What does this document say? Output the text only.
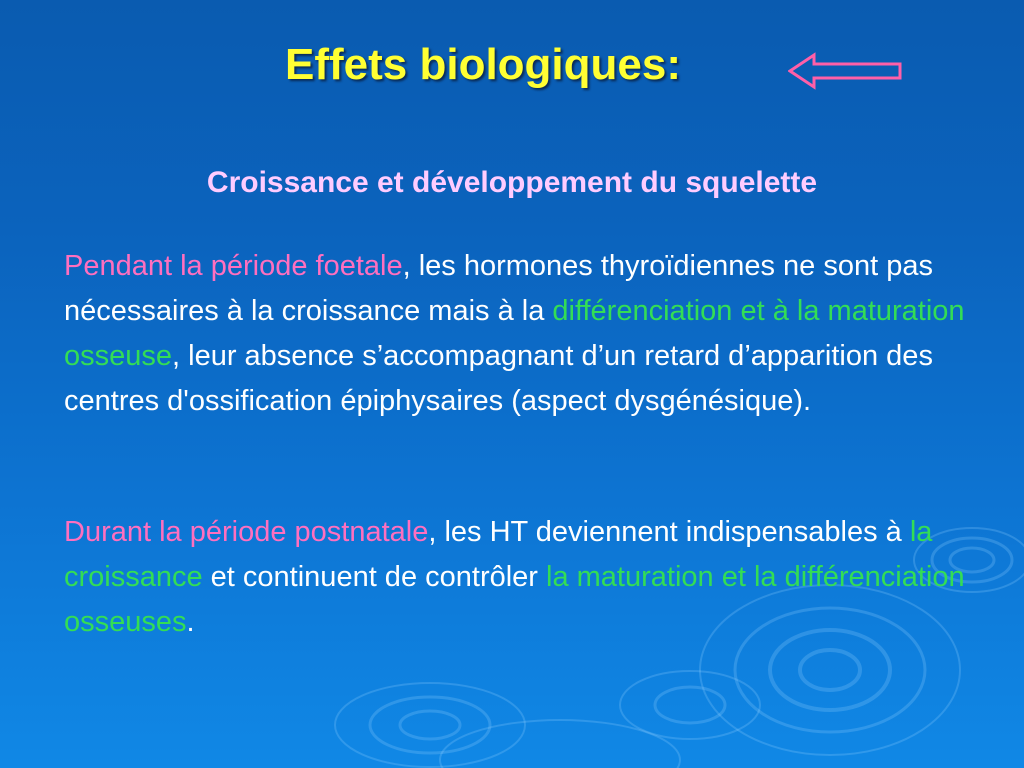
Effets biologiques:
Croissance et développement du squelette
Pendant la période foetale, les hormones thyroïdiennes ne sont pas nécessaires à la croissance mais à la différenciation et à la maturation osseuse, leur absence s’accompagnant d’un retard d’apparition des centres d'ossification épiphysaires (aspect dysgénésique).
Durant la période postnatale, les HT deviennent indispensables à la croissance et continuent de contrôler la maturation et la différenciation osseuses.
